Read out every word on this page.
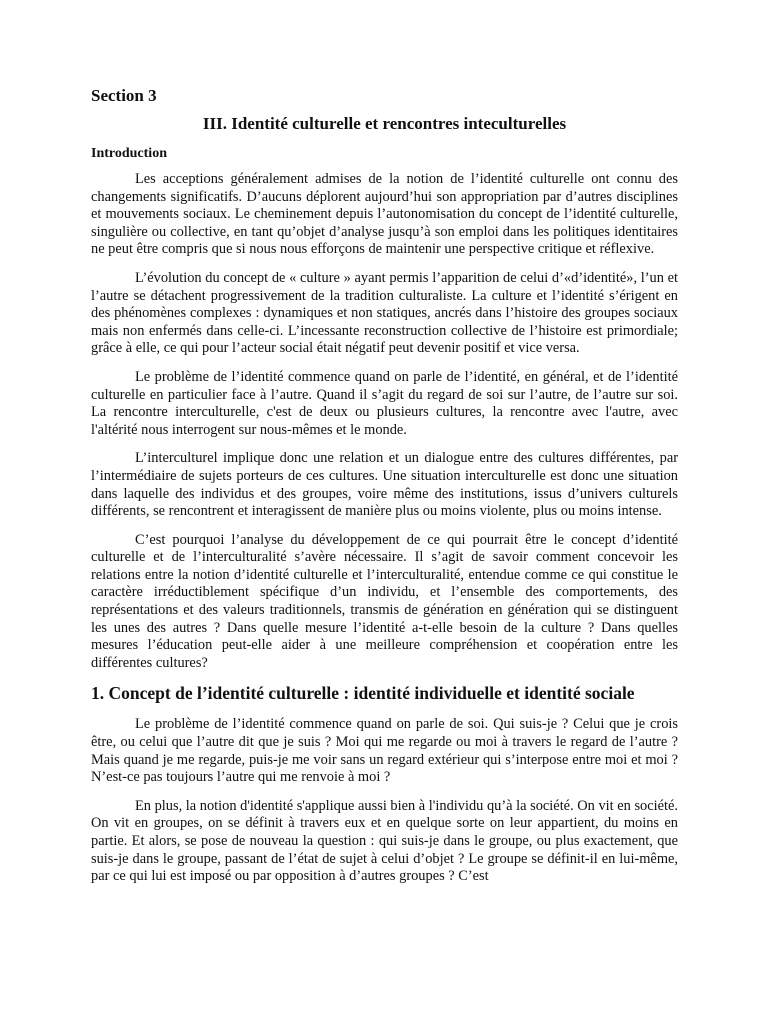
Section 3
III. Identité culturelle et rencontres inteculturelles
Introduction

Les acceptions généralement admises de la notion de l’identité culturelle ont connu des changements significatifs. D’aucuns déplorent aujourd’hui son appropriation par d’autres disciplines et mouvements sociaux. Le cheminement depuis l’autonomisation du concept de l’identité culturelle, singulière ou collective, en tant qu’objet d’analyse jusqu’à son emploi dans les politiques identitaires ne peut être compris que si nous nous efforçons de maintenir une perspective critique et réflexive.

L’évolution du concept de « culture » ayant permis l’apparition de celui d’«d’identité», l’un et l’autre se détachent progressivement de la tradition culturaliste. La culture et l’identité s’érigent en des phénomènes complexes : dynamiques et non statiques, ancrés dans l’histoire des groupes sociaux mais non enfermés dans celle-ci. L’incessante reconstruction collective de l’histoire est primordiale; grâce à elle, ce qui pour l’acteur social était négatif peut devenir positif et vice versa.

Le problème de l’identité commence quand on parle de l’identité, en général, et de l’identité culturelle en particulier face à l’autre. Quand il s’agit du regard de soi sur l’autre, de l’autre sur soi. La rencontre interculturelle, c'est de deux ou plusieurs cultures, la rencontre avec l'autre, avec l'altérité nous interrogent sur nous-mêmes et le monde.

L’interculturel implique donc une relation et un dialogue entre des cultures différentes, par l’intermédiaire de sujets porteurs de ces cultures. Une situation interculturelle est donc une situation dans laquelle des individus et des groupes, voire même des institutions, issus d’univers culturels différents, se rencontrent et interagissent de manière plus ou moins violente, plus ou moins intense.

C’est pourquoi l’analyse du développement de ce qui pourrait être le concept d’identité culturelle et de l’interculturalité s’avère nécessaire. Il s’agit de savoir comment concevoir les relations entre la notion d’identité culturelle et l’interculturalité, entendue comme ce qui constitue le caractère irréductiblement spécifique d’un individu, et l’ensemble des comportements, des représentations et des valeurs traditionnels, transmis de génération en génération qui se distinguent les unes des autres ? Dans quelle mesure l’identité a-t-elle besoin de la culture ? Dans quelles mesures l’éducation peut-elle aider à une meilleure compréhension et coopération entre les différentes cultures?

1. Concept de l’identité culturelle : identité individuelle et identité sociale

Le problème de l’identité commence quand on parle de soi. Qui suis-je ? Celui que je crois être, ou celui que l’autre dit que je suis ? Moi qui me regarde ou moi à travers le regard de l’autre ? Mais quand je me regarde, puis-je me voir sans un regard extérieur qui s’interpose entre moi et moi ? N’est-ce pas toujours l’autre qui me renvoie à moi ?

En plus, la notion d'identité s'applique aussi bien à l'individu qu’à la société. On vit en société. On vit en groupes, on se définit à travers eux et en quelque sorte on leur appartient, du moins en partie. Et alors, se pose de nouveau la question : qui suis-je dans le groupe, ou plus exactement, que suis-je dans le groupe, passant de l’état de sujet à celui d’objet ? Le groupe se définit-il en lui-même, par ce qui lui est imposé ou par opposition à d’autres groupes ? C’est
